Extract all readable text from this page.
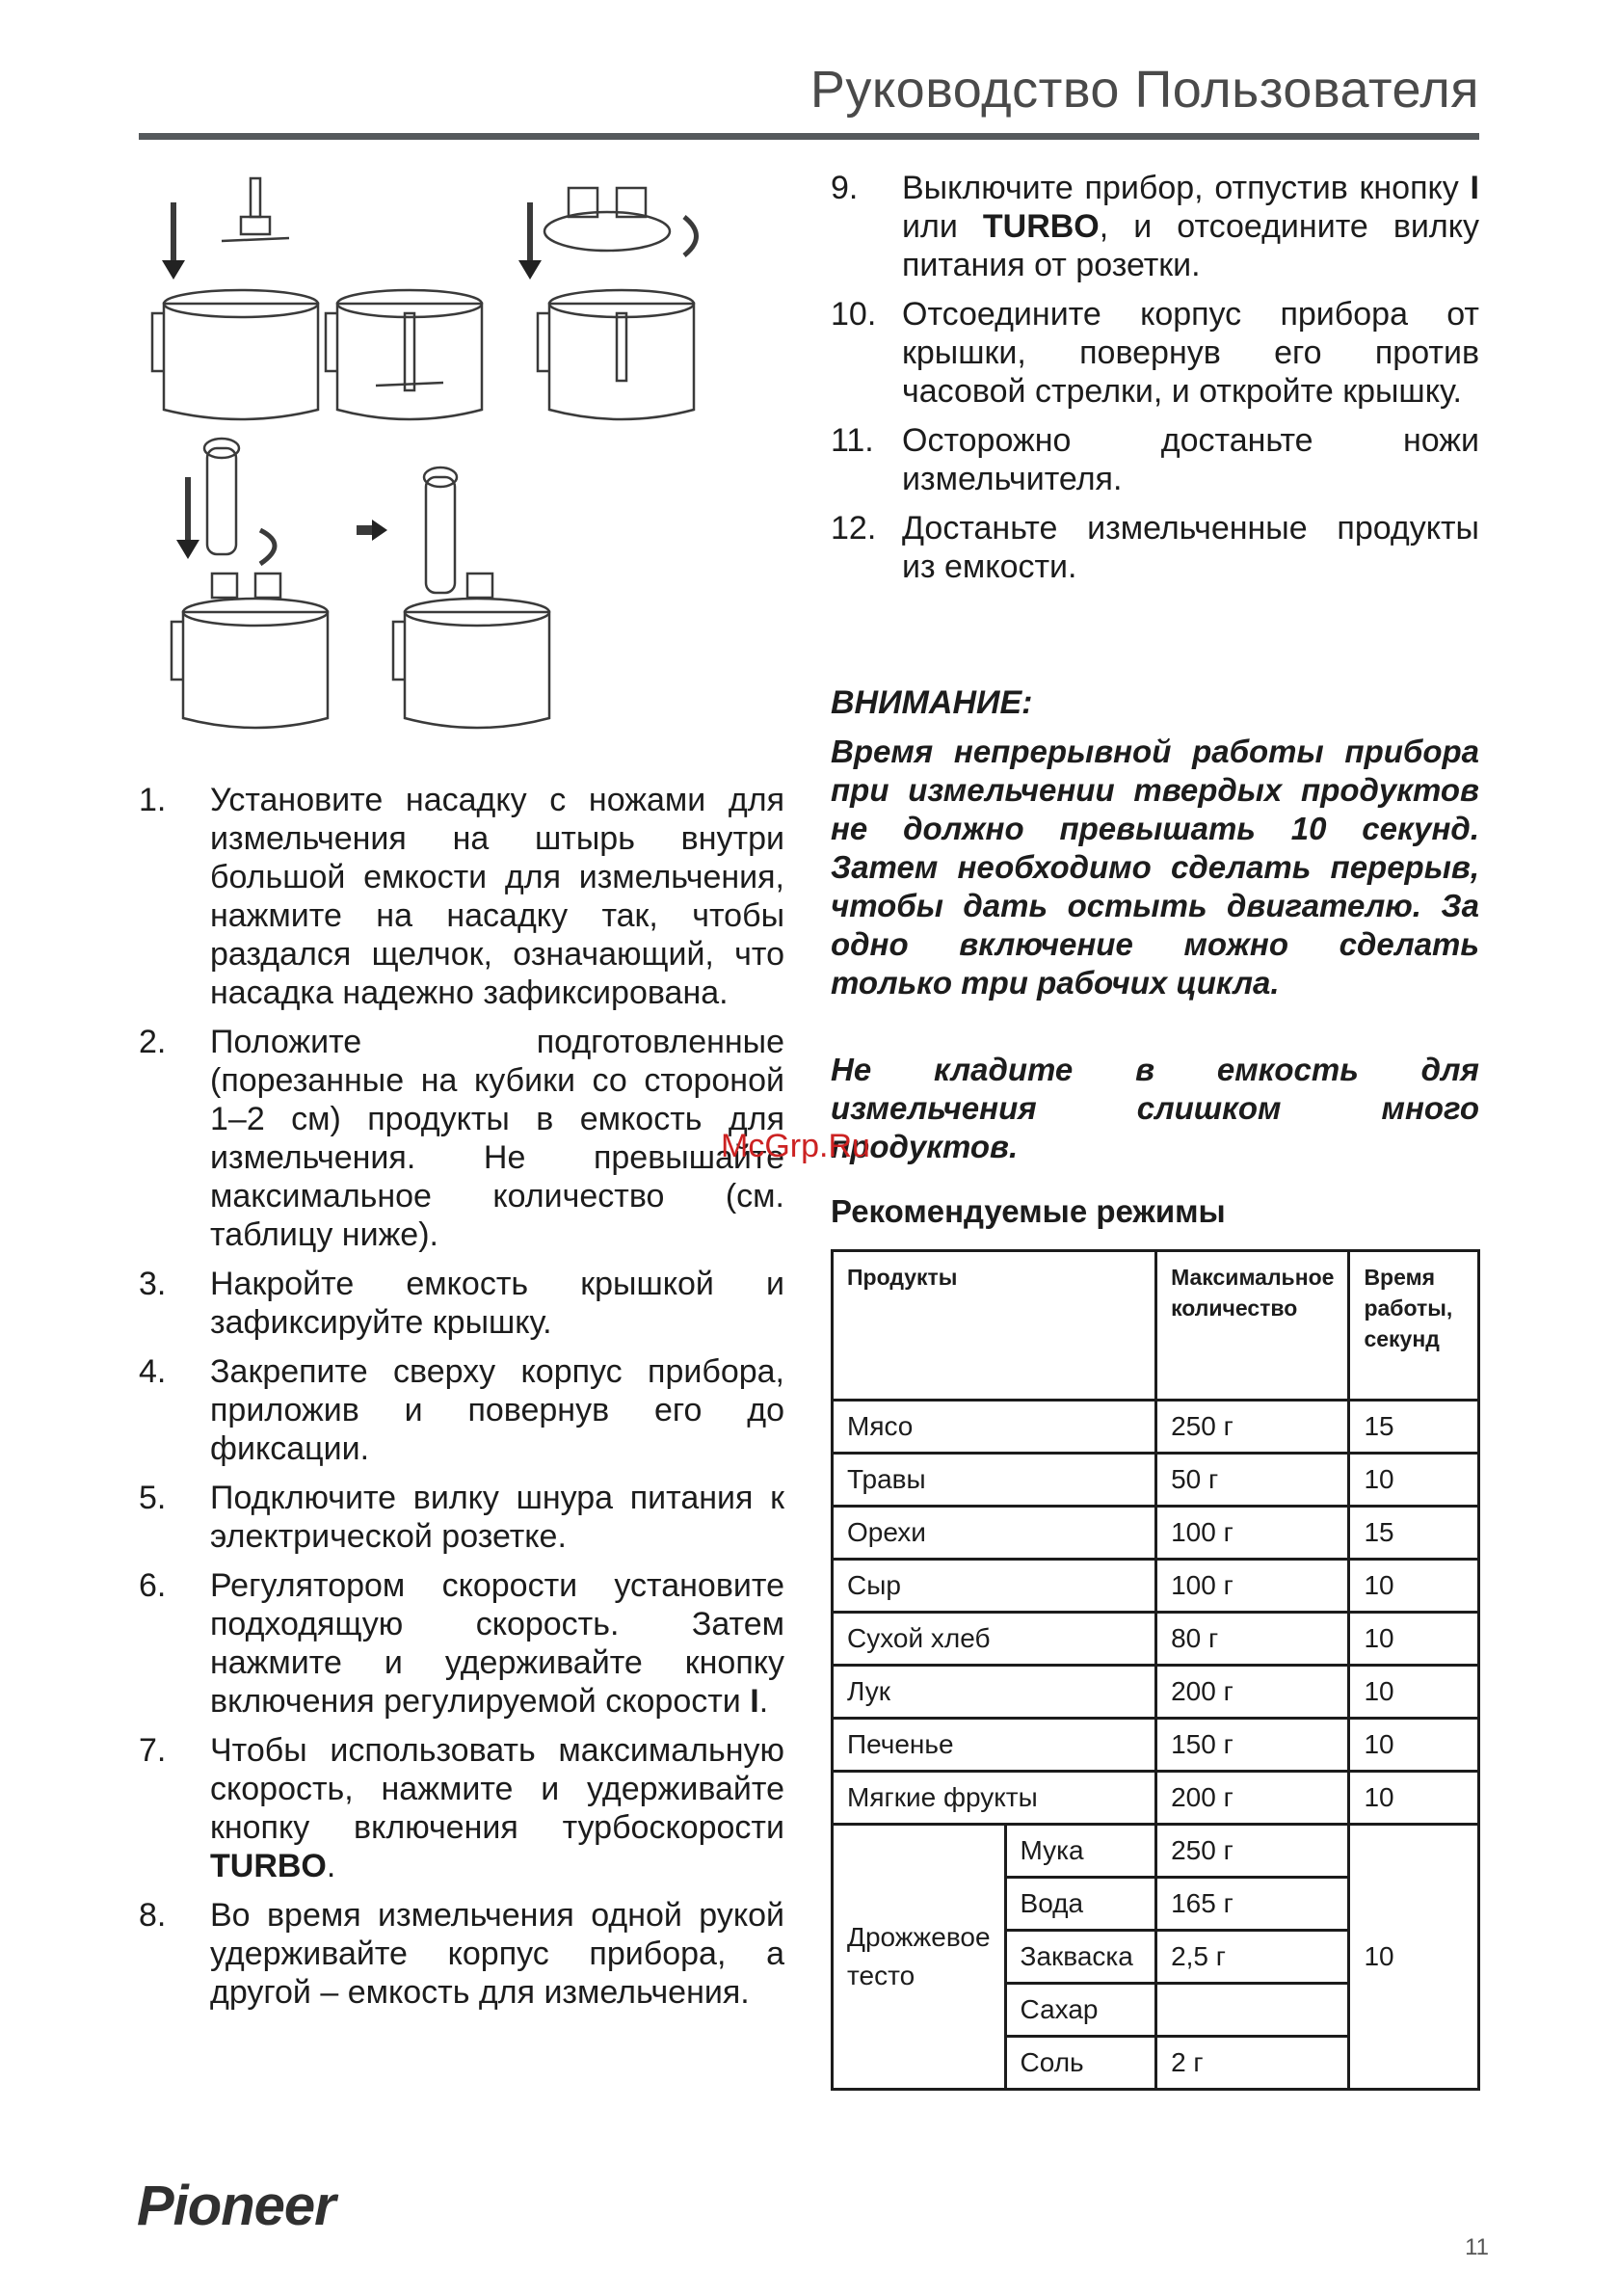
Руководство Пользователя
1. Установите насадку с ножами для измельчения на штырь внутри большой емкости для измельчения, нажмите на насадку так, чтобы раздался щелчок, означающий, что насадка надежно зафиксирована.
2. Положите подготовленные (порезанные на кубики со стороной 1–2 см) продукты в емкость для измельчения. Не превышайте максимальное количество (см. таблицу ниже).
3. Накройте емкость крышкой и зафиксируйте крышку.
4. Закрепите сверху корпус прибора, приложив и повернув его до фиксации.
5. Подключите вилку шнура питания к электрической розетке.
6. Регулятором скорости установите подходящую скорость. Затем нажмите и удерживайте кнопку включения регулируемой скорости I.
7. Чтобы использовать максимальную скорость, нажмите и удерживайте кнопку включения турбоскорости TURBO.
8. Во время измельчения одной рукой удерживайте корпус прибора, а другой – емкость для измельчения.
9. Выключите прибор, отпустив кнопку I или TURBO, и отсоедините вилку питания от розетки.
10. Отсоедините корпус прибора от крышки, повернув его против часовой стрелки, и откройте крышку.
11. Осторожно достаньте ножи измельчителя.
12. Достаньте измельченные продукты из емкости.
ВНИМАНИЕ:

Время непрерывной работы прибора при измельчении твердых продуктов не должно превышать 10 секунд. Затем необходимо сделать перерыв, чтобы дать остыть двигателю. За одно включение можно сделать только три рабочих цикла.

Не кладите в емкость для измельчения слишком много продуктов.

McGrp.Ru
Рекомендуемые режимы
Продукты		Максимальное количество	Время работы, секунд
Мясо		250 г	15
Травы		50 г	10
Орехи		100 г	15
Сыр		100 г	10
Сухой хлеб		80 г	10
Лук		200 г	10
Печенье		150 г	10
Мягкие фрукты		200 г	10
Дрожжевое тесто	Мука	250 г	10
	Вода	165 г	
	Закваска	2,5 г	
	Сахар		
	Соль	2 г	
Pioneer
11
